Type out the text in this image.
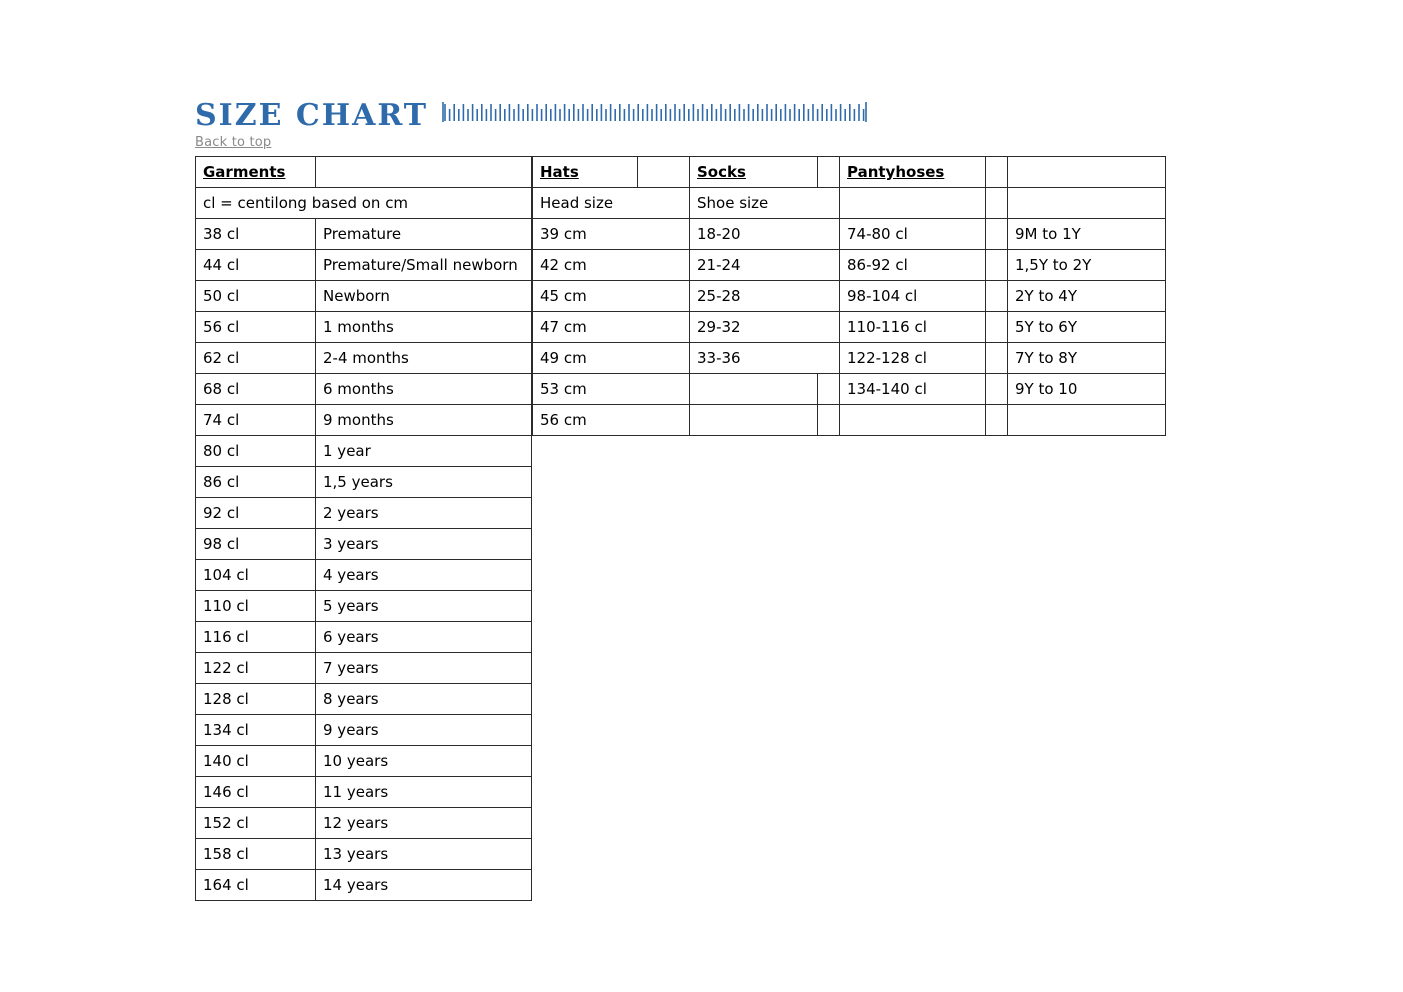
SIZE CHART
Back to top
Garments	
cl = centilong based on cm	
38 cl	Premature
44 cl	Premature/Small newborn
50 cl	Newborn
56 cl	1 months
62 cl	2-4 months
68 cl	6 months
74 cl	9 months
80 cl	1 year
86 cl	1,5 years
92 cl	2 years
98 cl	3 years
104 cl	4 years
110 cl	5 years
116 cl	6 years
122 cl	7 years
128 cl	8 years
134 cl	9 years
140 cl	10 years
146 cl	11 years
152 cl	12 years
158 cl	13 years
164 cl	14 years
Hats		Socks		Pantyhoses		
Head size		Shoe size				
39 cm		18-20		74-80 cl		9M to 1Y
42 cm		21-24		86-92 cl		1,5Y to 2Y
45 cm		25-28		98-104 cl		2Y to 4Y
47 cm		29-32		110-116 cl		5Y to 6Y
49 cm		33-36		122-128 cl		7Y to 8Y
53 cm				134-140 cl		9Y to 10
56 cm						
